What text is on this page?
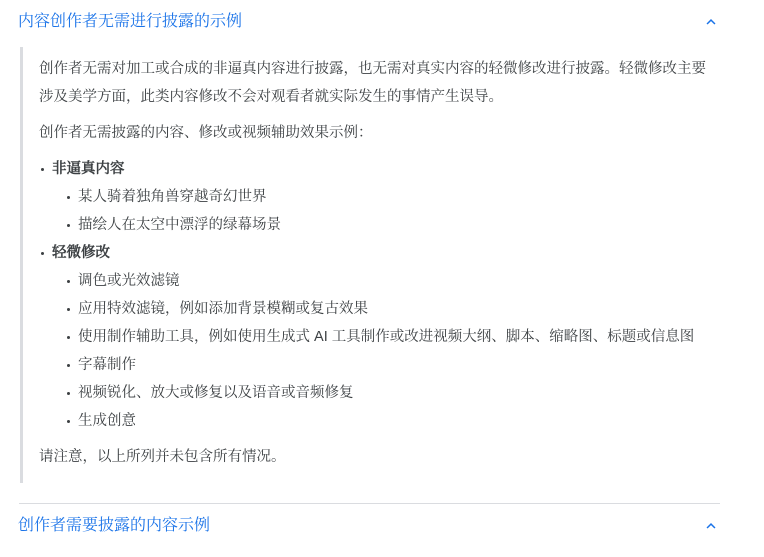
内容创作者无需进行披露的示例

创作者无需对加工或合成的非逼真内容进行披露，也无需对真实内容的轻微修改进行披露。轻微修改主要涉及美学方面，此类内容修改不会对观看者就实际发生的事情产生误导。

创作者无需披露的内容、修改或视频辅助效果示例：

非逼真内容
某人骑着独角兽穿越奇幻世界
描绘人在太空中漂浮的绿幕场景
轻微修改
调色或光效滤镜
应用特效滤镜，例如添加背景模糊或复古效果
使用制作辅助工具，例如使用生成式 AI 工具制作或改进视频大纲、脚本、缩略图、标题或信息图
字幕制作
视频锐化、放大或修复以及语音或音频修复
生成创意

请注意，以上所列并未包含所有情况。

创作者需要披露的内容示例
